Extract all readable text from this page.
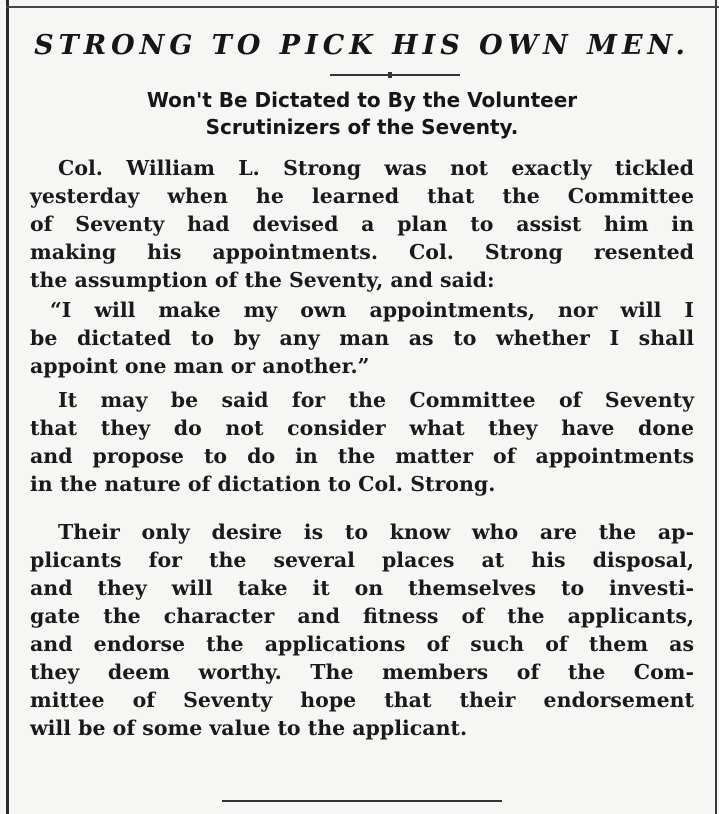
STRONG TO PICK HIS OWN MEN.
Won't Be Dictated to By the Volunteer
Scrutinizers of the Seventy.
Col. William L. Strong was not exactly tickled
yesterday when he learned that the Committee
of Seventy had devised a plan to assist him in
making his appointments. Col. Strong resented
the assumption of the Seventy, and said:
“I will make my own appointments, nor will I
be dictated to by any man as to whether I shall
appoint one man or another.”
It may be said for the Committee of Seventy
that they do not consider what they have done
and propose to do in the matter of appointments
in the nature of dictation to Col. Strong.
Their only desire is to know who are the ap-
plicants for the several places at his disposal,
and they will take it on themselves to investi-
gate the character and fitness of the applicants,
and endorse the applications of such of them as
they deem worthy. The members of the Com-
mittee of Seventy hope that their endorsement
will be of some value to the applicant.
